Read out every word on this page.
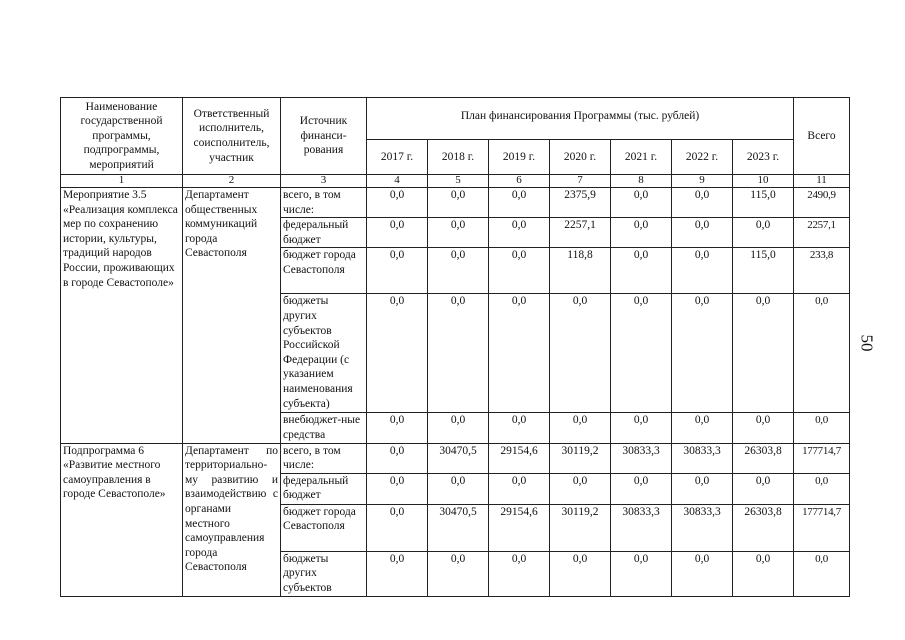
50
Наименование государственной программы, подпрограммы, мероприятий	Ответственный исполнитель, соисполнитель, участник	Источник финанси-рования	План финансирования Программы (тыс. рублей)							Всего
			2017 г.	2018 г.	2019 г.	2020 г.	2021 г.	2022 г.	2023 г.	
1	2	3	4	5	6	7	8	9	10	11
Мероприятие 3.5 «Реализация комплекса мер по сохранению истории, культуры, традиций народов России, проживающих в городе Севастополе»	Департамент общественных коммуникаций города Севастополя	всего, в том числе:	0,0	0,0	0,0	2375,9	0,0	0,0	115,0	2490,9
		федеральный бюджет	0,0	0,0	0,0	2257,1	0,0	0,0	0,0	2257,1
		бюджет города Севастополя	0,0	0,0	0,0	118,8	0,0	0,0	115,0	233,8
		бюджеты других субъектов Российской Федерации (с указанием наименования субъекта)	0,0	0,0	0,0	0,0	0,0	0,0	0,0	0,0
		внебюджет-ные средства	0,0	0,0	0,0	0,0	0,0	0,0	0,0	0,0
Подпрограмма 6 «Развитие местного самоуправления в городе Севастополе»	Департамент по территориально-му развитию и взаимодействию с органами местного самоуправления города Севастополя	всего, в том числе:	0,0	30470,5	29154,6	30119,2	30833,3	30833,3	26303,8	177714,7
		федеральный бюджет	0,0	0,0	0,0	0,0	0,0	0,0	0,0	0,0
		бюджет города Севастополя	0,0	30470,5	29154,6	30119,2	30833,3	30833,3	26303,8	177714,7
		бюджеты других субъектов	0,0	0,0	0,0	0,0	0,0	0,0	0,0	0,0
